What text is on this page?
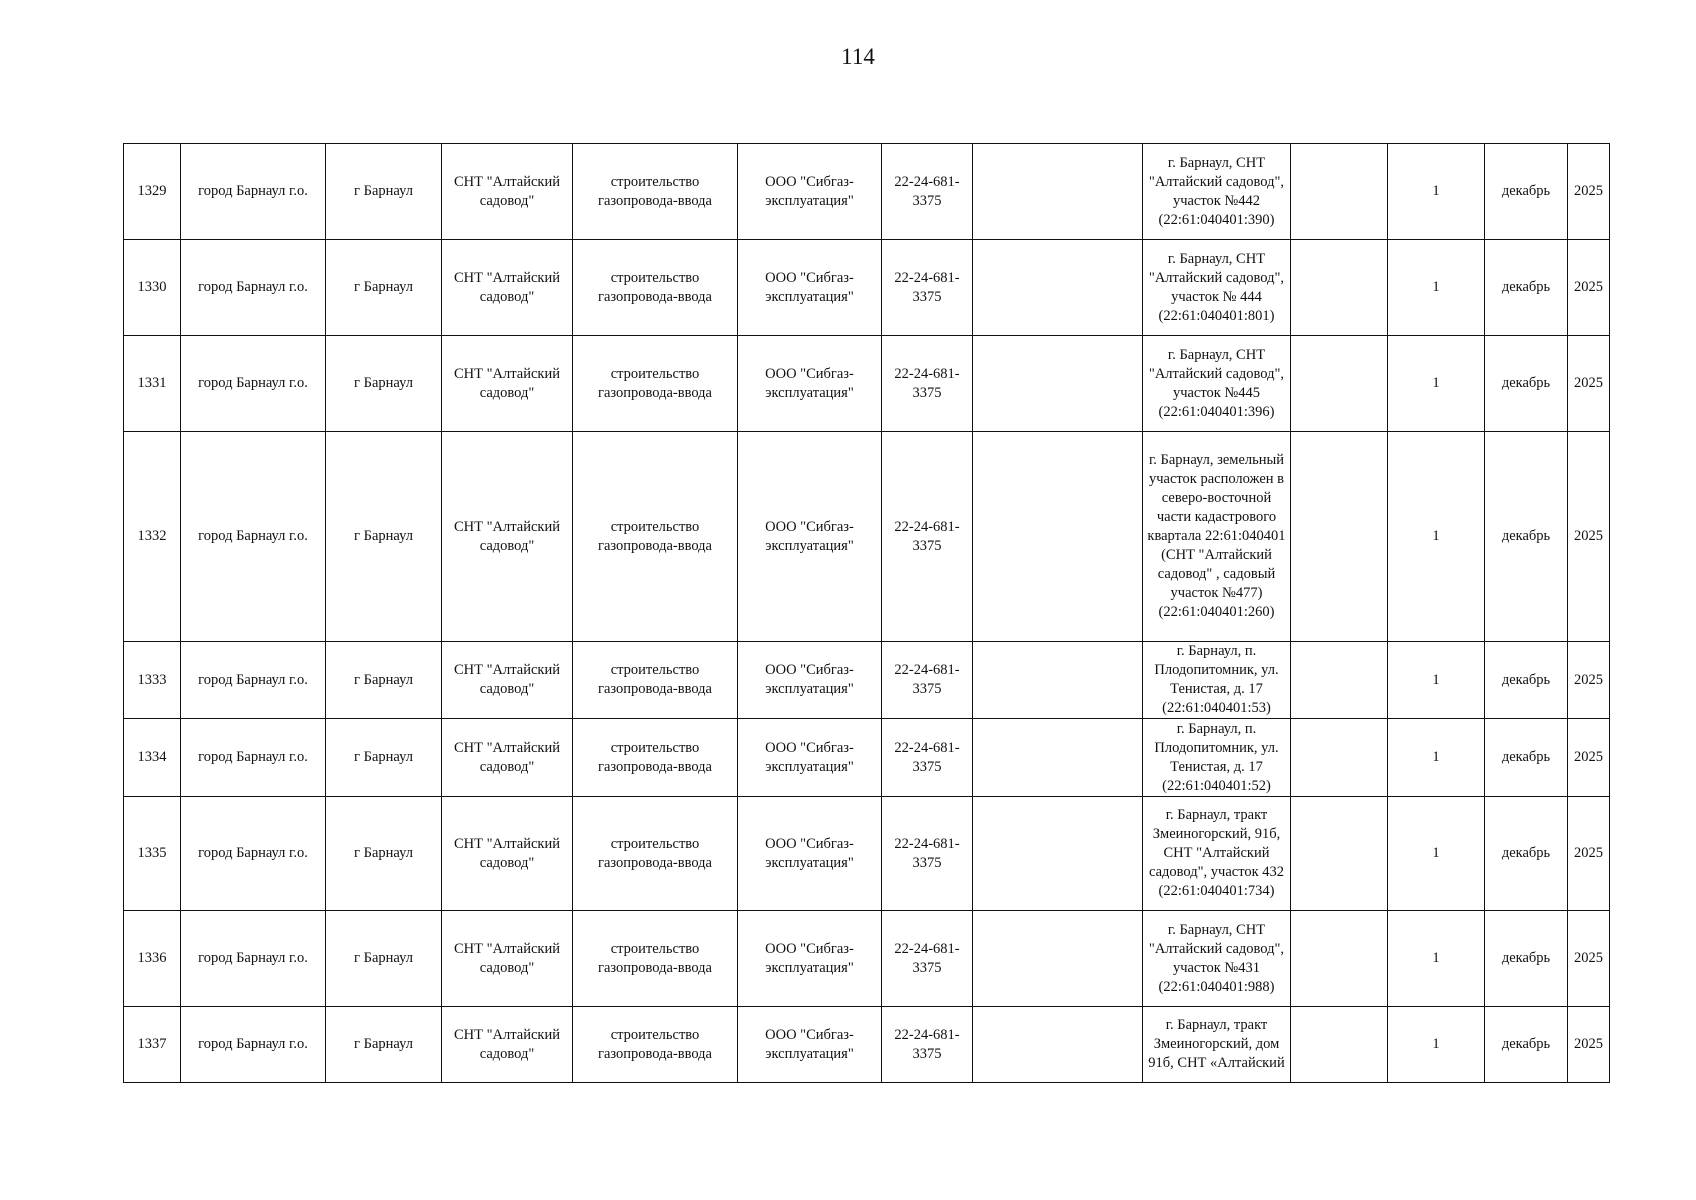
114
1329	город Барнаул г.о.	г Барнаул	СНТ "Алтайский садовод"	строительство газопровода-ввода	ООО "Сибгаз-эксплуатация"	22-24-681-3375		г. Барнаул, СНТ "Алтайский садовод", участок №442 (22:61:040401:390)		1	декабрь	2025
1330	город Барнаул г.о.	г Барнаул	СНТ "Алтайский садовод"	строительство газопровода-ввода	ООО "Сибгаз-эксплуатация"	22-24-681-3375		г. Барнаул, СНТ "Алтайский садовод", участок № 444 (22:61:040401:801)		1	декабрь	2025
1331	город Барнаул г.о.	г Барнаул	СНТ "Алтайский садовод"	строительство газопровода-ввода	ООО "Сибгаз-эксплуатация"	22-24-681-3375		г. Барнаул, СНТ "Алтайский садовод", участок №445 (22:61:040401:396)		1	декабрь	2025
1332	город Барнаул г.о.	г Барнаул	СНТ "Алтайский садовод"	строительство газопровода-ввода	ООО "Сибгаз-эксплуатация"	22-24-681-3375		г. Барнаул, земельный участок расположен в северо-восточной части кадастрового квартала 22:61:040401 (СНТ "Алтайский садовод" , садовый участок №477) (22:61:040401:260)		1	декабрь	2025
1333	город Барнаул г.о.	г Барнаул	СНТ "Алтайский садовод"	строительство газопровода-ввода	ООО "Сибгаз-эксплуатация"	22-24-681-3375		г. Барнаул, п. Плодопитомник, ул. Тенистая, д. 17 (22:61:040401:53)		1	декабрь	2025
1334	город Барнаул г.о.	г Барнаул	СНТ "Алтайский садовод"	строительство газопровода-ввода	ООО "Сибгаз-эксплуатация"	22-24-681-3375		г. Барнаул, п. Плодопитомник, ул. Тенистая, д. 17 (22:61:040401:52)		1	декабрь	2025
1335	город Барнаул г.о.	г Барнаул	СНТ "Алтайский садовод"	строительство газопровода-ввода	ООО "Сибгаз-эксплуатация"	22-24-681-3375		г. Барнаул, тракт Змеиногорский, 91б, СНТ "Алтайский садовод", участок 432 (22:61:040401:734)		1	декабрь	2025
1336	город Барнаул г.о.	г Барнаул	СНТ "Алтайский садовод"	строительство газопровода-ввода	ООО "Сибгаз-эксплуатация"	22-24-681-3375		г. Барнаул, СНТ "Алтайский садовод", участок №431 (22:61:040401:988)		1	декабрь	2025
1337	город Барнаул г.о.	г Барнаул	СНТ "Алтайский садовод"	строительство газопровода-ввода	ООО "Сибгаз-эксплуатация"	22-24-681-3375		г. Барнаул, тракт Змеиногорский, дом 91б, СНТ «Алтайский		1	декабрь	2025
